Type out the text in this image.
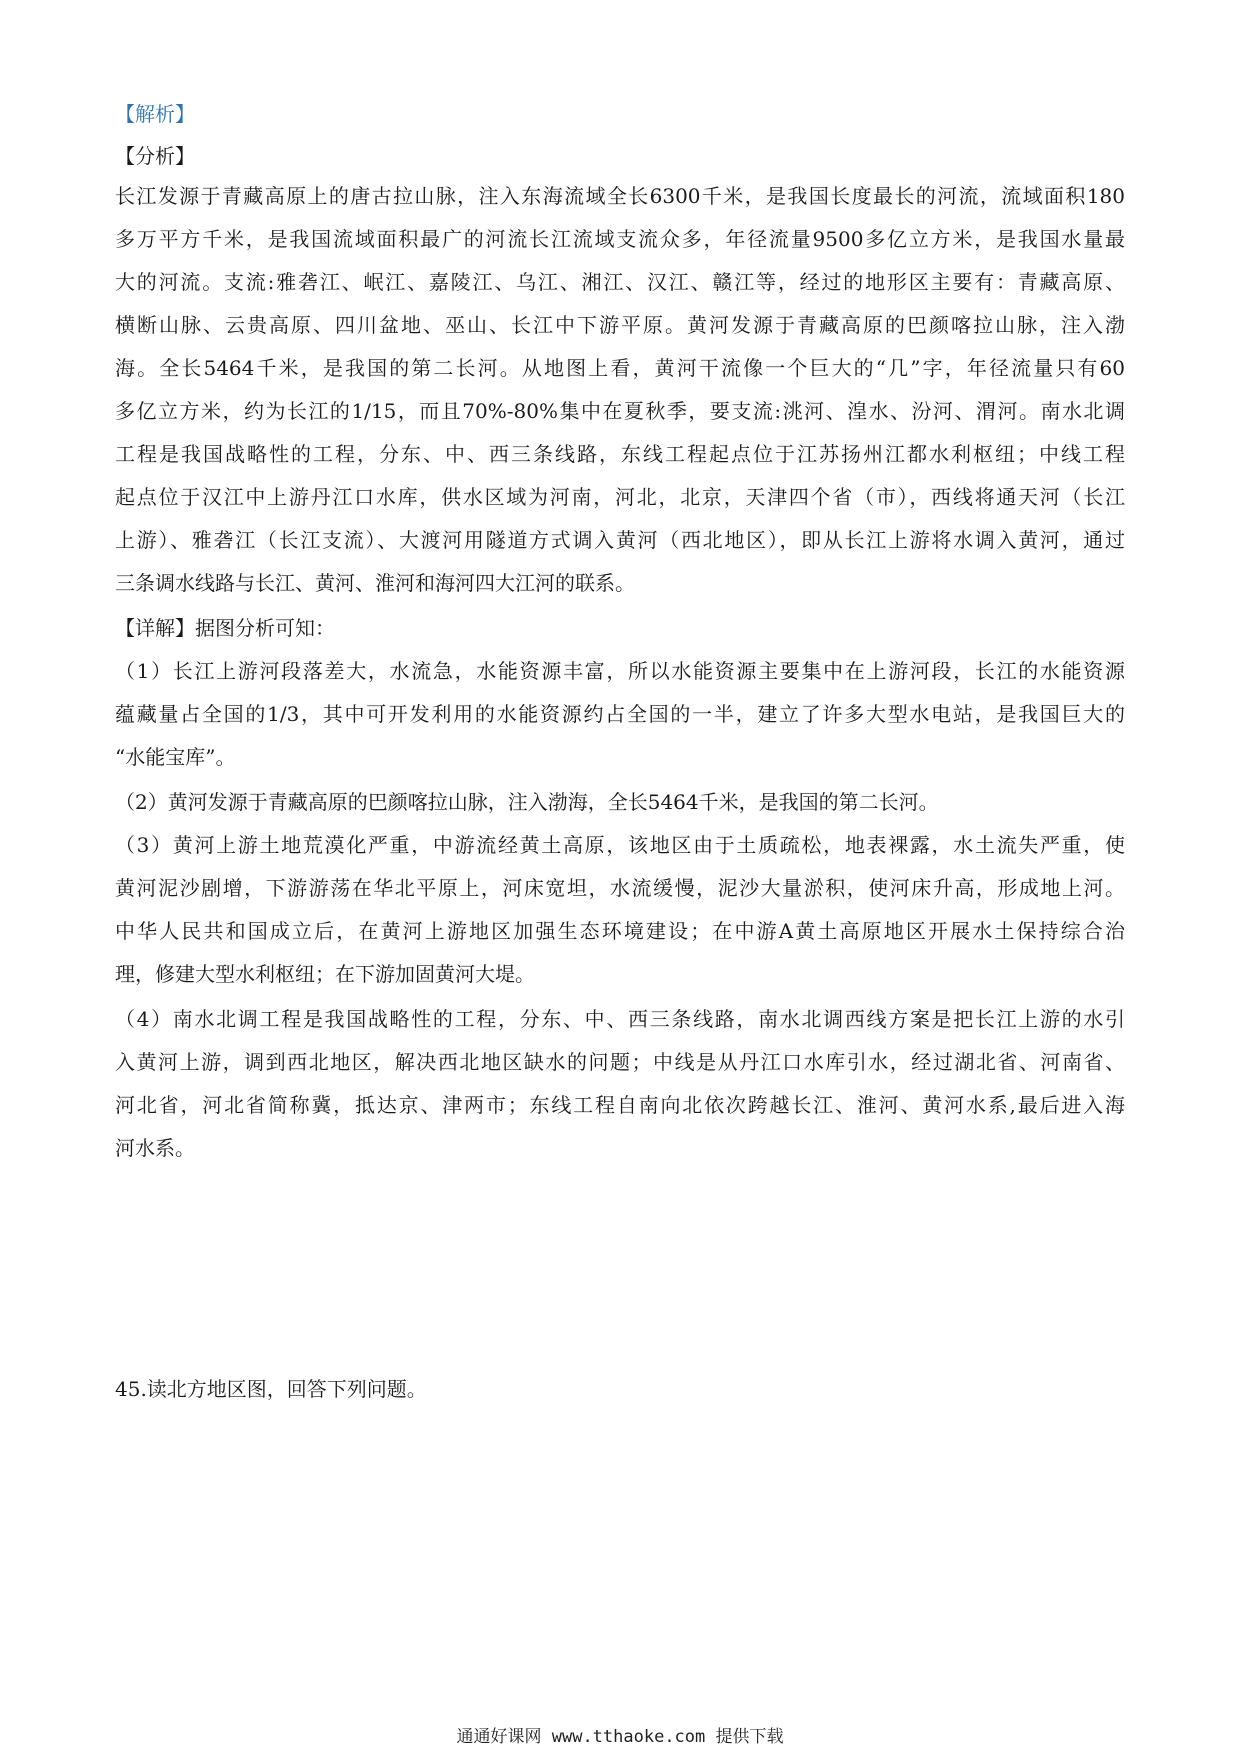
【解析】

【分析】

长江发源于青藏高原上的唐古拉山脉，注入东海流域全长6300千米，是我国长度最长的河流，流域面积180

多万平方千米，是我国流域面积最广的河流长江流域支流众多，年径流量9500多亿立方米，是我国水量最

大的河流。支流:雅砻江、岷江、嘉陵江、乌江、湘江、汉江、赣江等，经过的地形区主要有：青藏高原、

横断山脉、云贵高原、四川盆地、巫山、长江中下游平原。黄河发源于青藏高原的巴颜喀拉山脉，注入渤

海。全长5464千米，是我国的第二长河。从地图上看，黄河干流像一个巨大的“几”字，年径流量只有60

多亿立方米，约为长江的1/15，而且70%-80%集中在夏秋季，要支流:洮河、湟水、汾河、渭河。南水北调

工程是我国战略性的工程，分东、中、西三条线路，东线工程起点位于江苏扬州江都水利枢纽；中线工程

起点位于汉江中上游丹江口水库，供水区域为河南，河北，北京，天津四个省（市），西线将通天河（长江

上游）、雅砻江（长江支流）、大渡河用隧道方式调入黄河（西北地区），即从长江上游将水调入黄河，通过

三条调水线路与长江、黄河、淮河和海河四大江河的联系。

【详解】据图分析可知：

（1）长江上游河段落差大，水流急，水能资源丰富，所以水能资源主要集中在上游河段，长江的水能资源

蕴藏量占全国的1/3，其中可开发利用的水能资源约占全国的一半，建立了许多大型水电站，是我国巨大的

“水能宝库”。

（2）黄河发源于青藏高原的巴颜喀拉山脉，注入渤海，全长5464千米，是我国的第二长河。

（3）黄河上游土地荒漠化严重，中游流经黄土高原，该地区由于土质疏松，地表裸露，水土流失严重，使

黄河泥沙剧增，下游游荡在华北平原上，河床宽坦，水流缓慢，泥沙大量淤积，使河床升高，形成地上河。

中华人民共和国成立后，在黄河上游地区加强生态环境建设；在中游A黄土高原地区开展水土保持综合治

理，修建大型水利枢纽；在下游加固黄河大堤。

（4）南水北调工程是我国战略性的工程，分东、中、西三条线路，南水北调西线方案是把长江上游的水引

入黄河上游，调到西北地区，解决西北地区缺水的问题；中线是从丹江口水库引水，经过湖北省、河南省、

河北省，河北省简称冀，抵达京、津两市；东线工程自南向北依次跨越长江、淮河、黄河水系,最后进入海

河水系。

45.读北方地区图，回答下列问题。

通通好课网 www.tthaoke.com 提供下载
